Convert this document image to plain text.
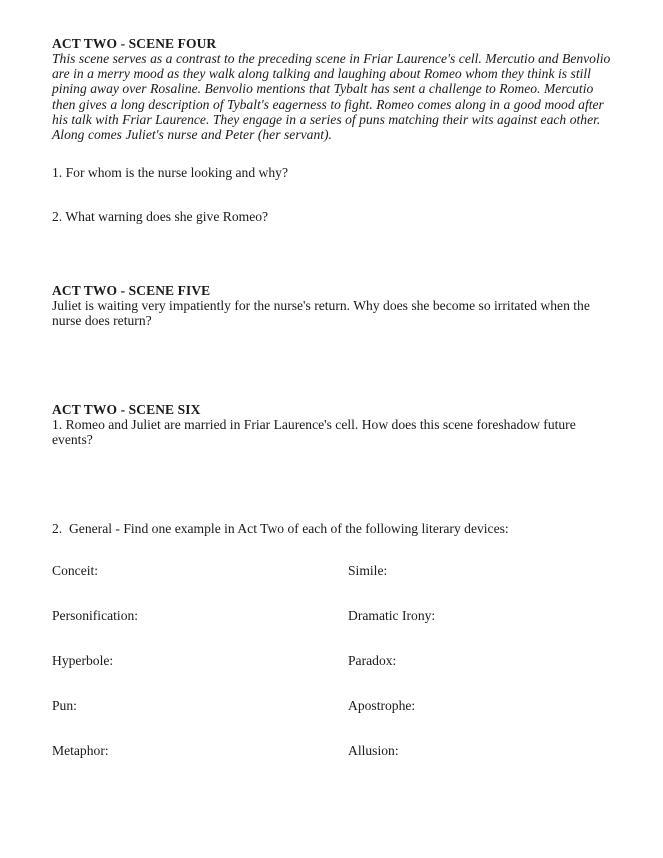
ACT TWO - SCENE FOUR

This scene serves as a contrast to the preceding scene in Friar Laurence's cell. Mercutio and Benvolio are in a merry mood as they walk along talking and laughing about Romeo whom they think is still pining away over Rosaline. Benvolio mentions that Tybalt has sent a challenge to Romeo. Mercutio then gives a long description of Tybalt's eagerness to fight. Romeo comes along in a good mood after his talk with Friar Laurence. They engage in a series of puns matching their wits against each other. Along comes Juliet's nurse and Peter (her servant).

1. For whom is the nurse looking and why?

2. What warning does she give Romeo?

ACT TWO - SCENE FIVE

Juliet is waiting very impatiently for the nurse's return. Why does she become so irritated when the nurse does return?

ACT TWO - SCENE SIX

1. Romeo and Juliet are married in Friar Laurence's cell. How does this scene foreshadow future events?

2.  General - Find one example in Act Two of each of the following literary devices:

Conceit:	Simile:
Personification:	Dramatic Irony:
Hyperbole:	Paradox:
Pun:	Apostrophe:
Metaphor:	Allusion:
